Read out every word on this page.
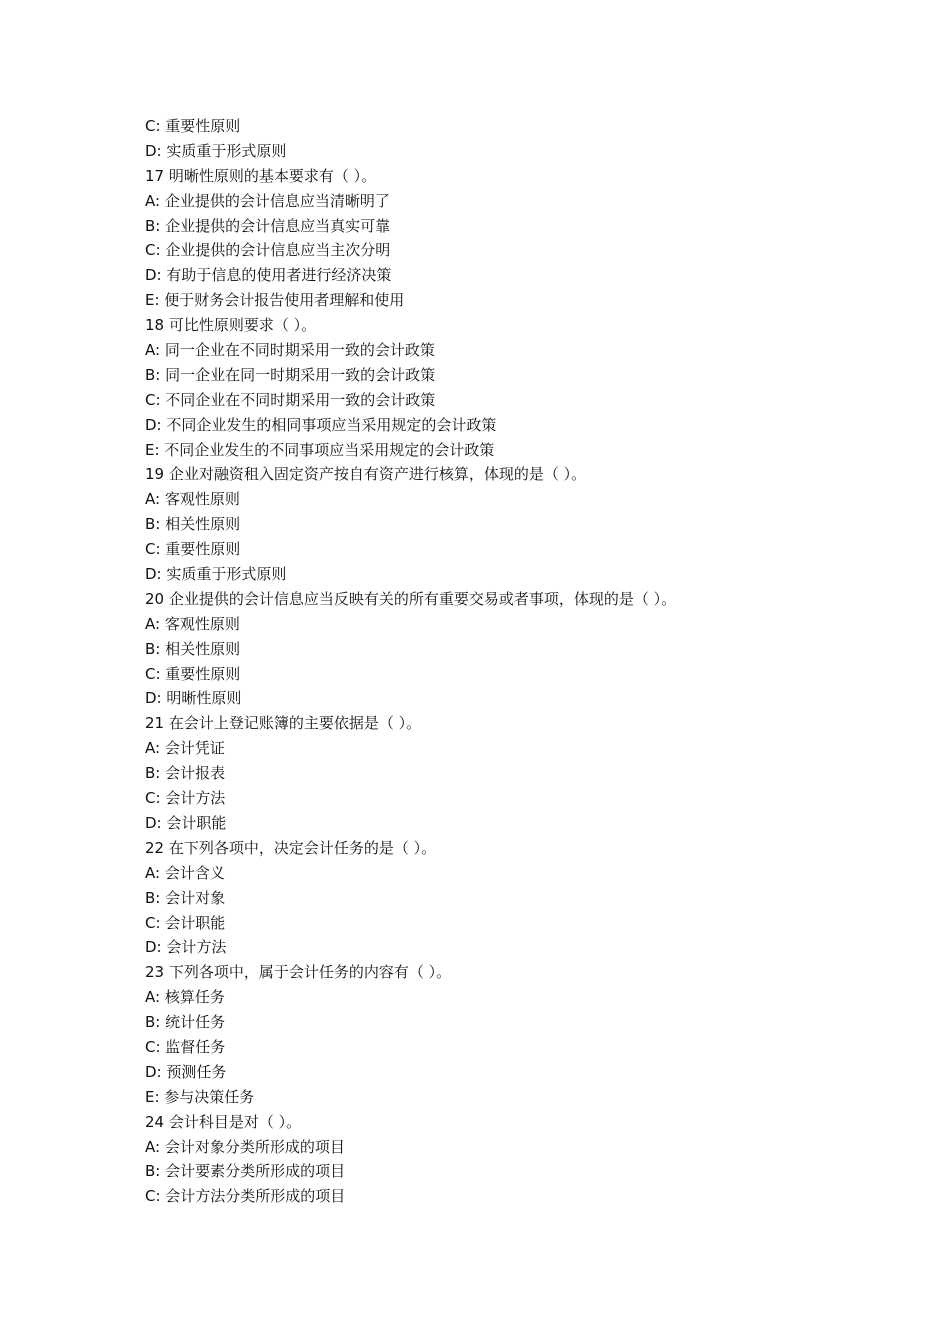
C: 重要性原则
D: 实质重于形式原则
17 明晰性原则的基本要求有（ ）。
A: 企业提供的会计信息应当清晰明了
B: 企业提供的会计信息应当真实可靠
C: 企业提供的会计信息应当主次分明
D: 有助于信息的使用者进行经济决策
E: 便于财务会计报告使用者理解和使用
18 可比性原则要求（ ）。
A: 同一企业在不同时期采用一致的会计政策
B: 同一企业在同一时期采用一致的会计政策
C: 不同企业在不同时期采用一致的会计政策
D: 不同企业发生的相同事项应当采用规定的会计政策
E: 不同企业发生的不同事项应当采用规定的会计政策
19 企业对融资租入固定资产按自有资产进行核算，体现的是（ ）。
A: 客观性原则
B: 相关性原则
C: 重要性原则
D: 实质重于形式原则
20 企业提供的会计信息应当反映有关的所有重要交易或者事项，体现的是（ ）。
A: 客观性原则
B: 相关性原则
C: 重要性原则
D: 明晰性原则
21 在会计上登记账簿的主要依据是（ ）。
A: 会计凭证
B: 会计报表
C: 会计方法
D: 会计职能
22 在下列各项中，决定会计任务的是（ ）。
A: 会计含义
B: 会计对象
C: 会计职能
D: 会计方法
23 下列各项中，属于会计任务的内容有（ ）。
A: 核算任务
B: 统计任务
C: 监督任务
D: 预测任务
E: 参与决策任务
24 会计科目是对（ ）。
A: 会计对象分类所形成的项目
B: 会计要素分类所形成的项目
C: 会计方法分类所形成的项目
